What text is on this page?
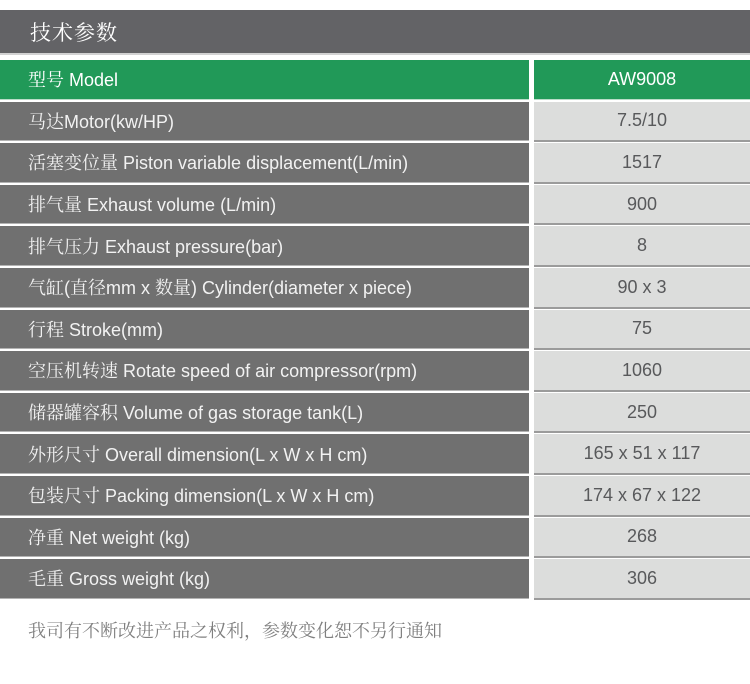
技术参数
型号 Model	AW9008
马达Motor(kw/HP)	7.5/10
活塞变位量 Piston variable displacement(L/min)	1517
排气量 Exhaust volume (L/min)	900
排气压力 Exhaust pressure(bar)	8
气缸(直径mm x 数量) Cylinder(diameter x piece)	90 x 3
行程 Stroke(mm)	75
空压机转速 Rotate speed of air compressor(rpm)	1060
储器罐容积 Volume of gas storage tank(L)	250
外形尺寸 Overall dimension(L x W x H cm)	165 x 51 x 117
包装尺寸 Packing dimension(L x W x H cm)	174 x 67 x 122
净重 Net weight (kg)	268
毛重 Gross weight (kg)	306
我司有不断改进产品之权利，参数变化恕不另行通知
